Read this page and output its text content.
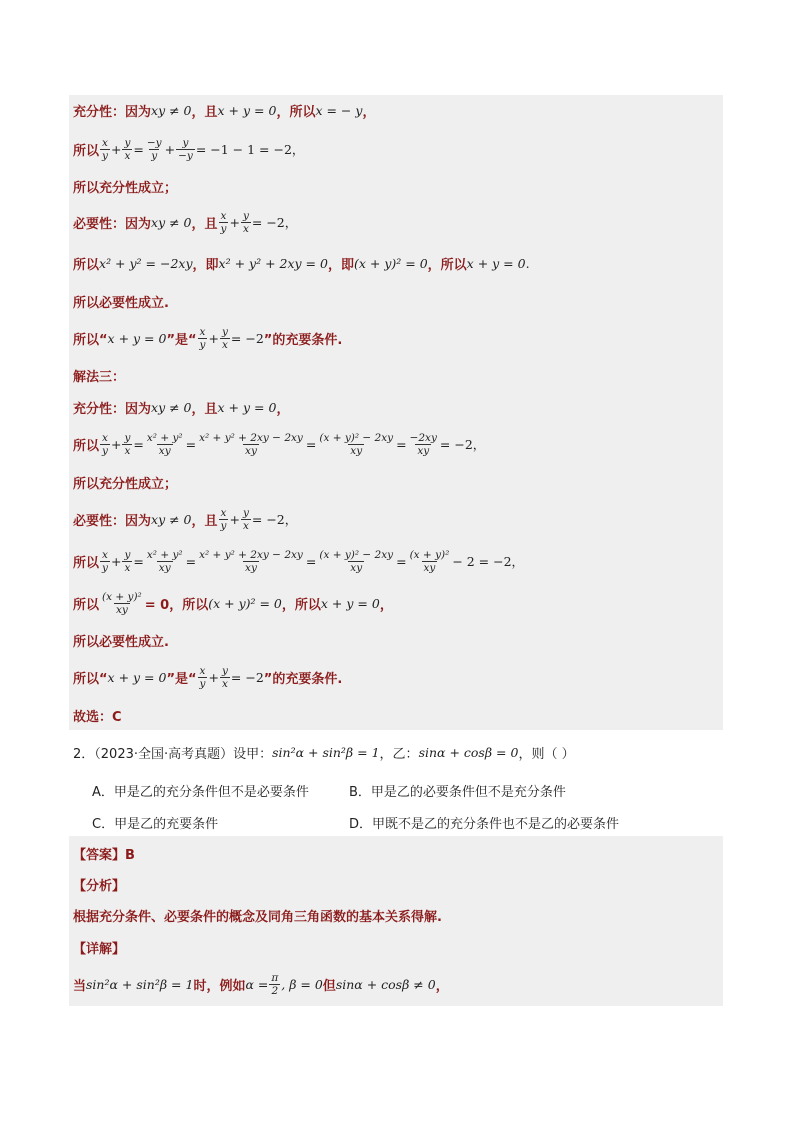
充分性：因为 xy ≠ 0 ，且 x + y = 0 ，所以 x = − y ，
所以 $\frac{x}{y} + \frac{y}{x} = \frac{-y}{y} + \frac{y}{-y} = -1 - 1 = -2$，
所以充分性成立；
必要性：因为 xy ≠ 0 ，且 $\frac{x}{y} + \frac{y}{x} = -2$，
所以 x² + y² = −2xy ，即 x² + y² + 2xy = 0 ，即 (x + y)² = 0 ，所以 x + y = 0 .
所以必要性成立.
所以“ x + y = 0 ”是“ $\frac{x}{y} + \frac{y}{x} = -2$ ”的充要条件.
解法三：
充分性：因为 xy ≠ 0 ，且 x + y = 0 ，
所以 $\frac{x}{y} + \frac{y}{x} = \frac{\text{x² + y²}}{xy} = \frac{\text{x² + y² + 2xy − 2xy}}{xy} = \frac{\text{(x + y)² − 2xy}}{xy} = \frac{-2xy}{xy} = -2$，
所以充分性成立；
必要性：因为 xy ≠ 0 ，且 $\frac{x}{y} + \frac{y}{x} = -2$，
所以 $\frac{x}{y} + \frac{y}{x} = \frac{\text{x² + y²}}{xy} = \frac{\text{x² + y² + 2xy − 2xy}}{xy} = \frac{\text{(x + y)² − 2xy}}{xy} = \frac{\text{(x + y)²}}{xy} - 2 = -2$，
所以 $\frac{\text{(x + y)²}}{xy} = 0$，所以 (x + y)² = 0 ，所以 x + y = 0 ，
所以必要性成立.
所以“ x + y = 0 ”是“ $\frac{x}{y} + \frac{y}{x} = -2$ ”的充要条件.
故选：C
2．（2023·全国·高考真题）设甲： sin²α + sin²β = 1 ，乙： sinα + cosβ = 0 ，则（ ）
A．甲是乙的充分条件但不是必要条件	B．甲是乙的必要条件但不是充分条件
C．甲是乙的充要条件	D．甲既不是乙的充分条件也不是乙的必要条件
【答案】B
【分析】
根据充分条件、必要条件的概念及同角三角函数的基本关系得解.
【详解】
当 sin²α + sin²β = 1 时，例如 $\alpha = \frac{\pi}{2}$ , β = 0 但 sinα + cosβ ≠ 0 ，
